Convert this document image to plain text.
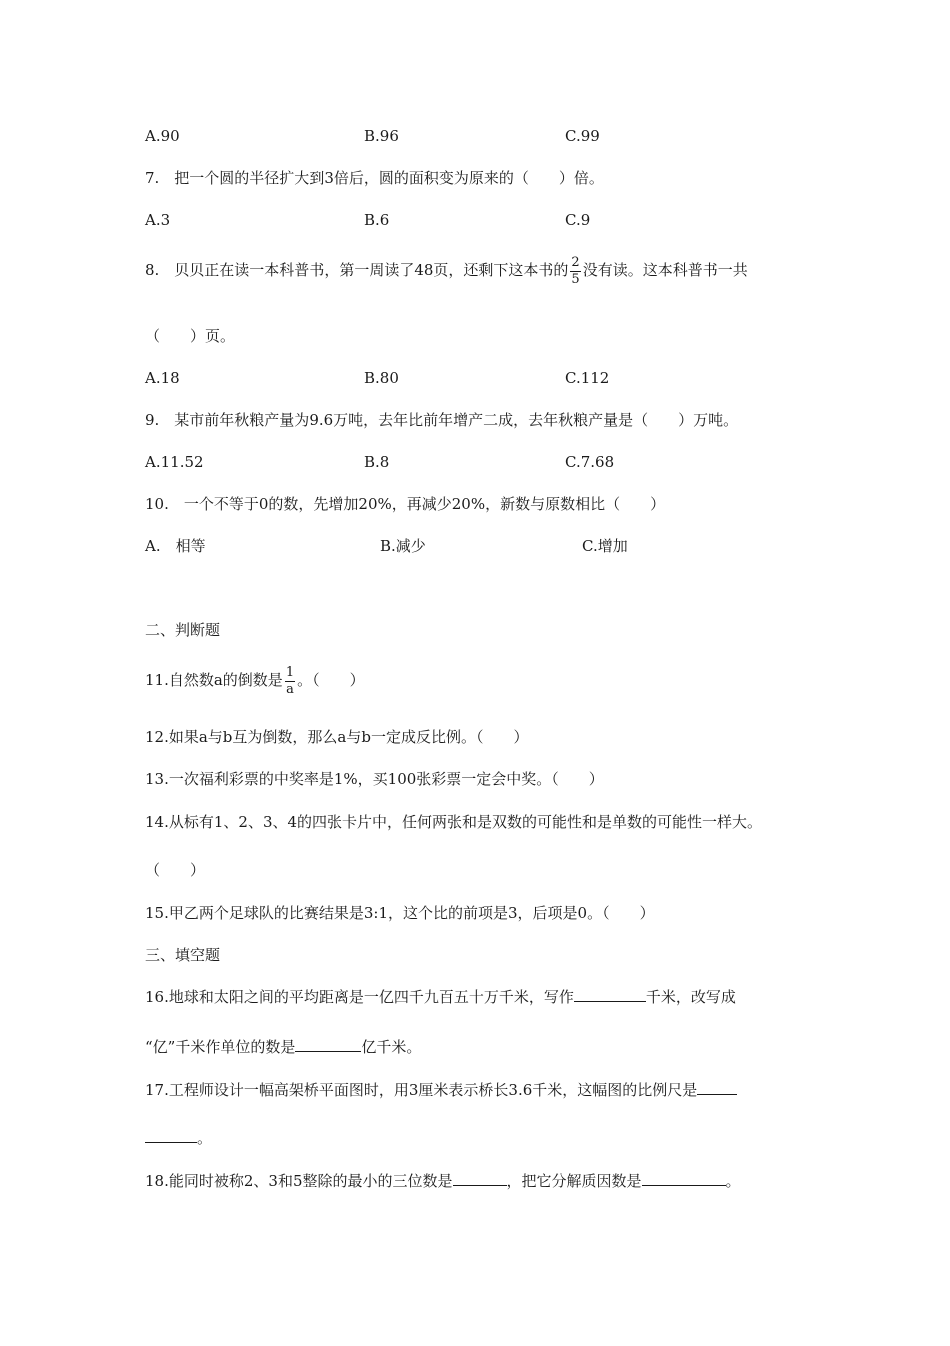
A.90	B.96	C.99
7.　把一个圆的半径扩大到3倍后，圆的面积变为原来的（　　）倍。
A.3	B.6	C.9
8.　贝贝正在读一本科普书，第一周读了48页，还剩下这本书的 $\frac{2}{5}$ 没有读。这本科普书一共
（　　）页。
A.18	B.80	C.112
9.　某市前年秋粮产量为9.6万吨，去年比前年增产二成，去年秋粮产量是（　　）万吨。
A.11.52	B.8	C.7.68
10.　一个不等于0的数，先增加20%，再减少20%，新数与原数相比（　　）
A.　相等	B.减少	C.增加
二、判断题
11.自然数a的倒数是 $\frac{1}{a}$ 。（　　）
12.如果a与b互为倒数，那么a与b一定成反比例。（　　）
13.一次福利彩票的中奖率是1%，买100张彩票一定会中奖。（　　）
14.从标有1、2、3、4的四张卡片中，任何两张和是双数的可能性和是单数的可能性一样大。
（　　）
15.甲乙两个足球队的比赛结果是3:1，这个比的前项是3，后项是0。（　　）
三、填空题
16.地球和太阳之间的平均距离是一亿四千九百五十万千米，写作	千米，改写成
“亿”千米作单位的数是	亿千米。
17.工程师设计一幅高架桥平面图时，用3厘米表示桥长3.6千米，这幅图的比例尺是
。
18.能同时被称2、3和5整除的最小的三位数是	，把它分解质因数是	。
